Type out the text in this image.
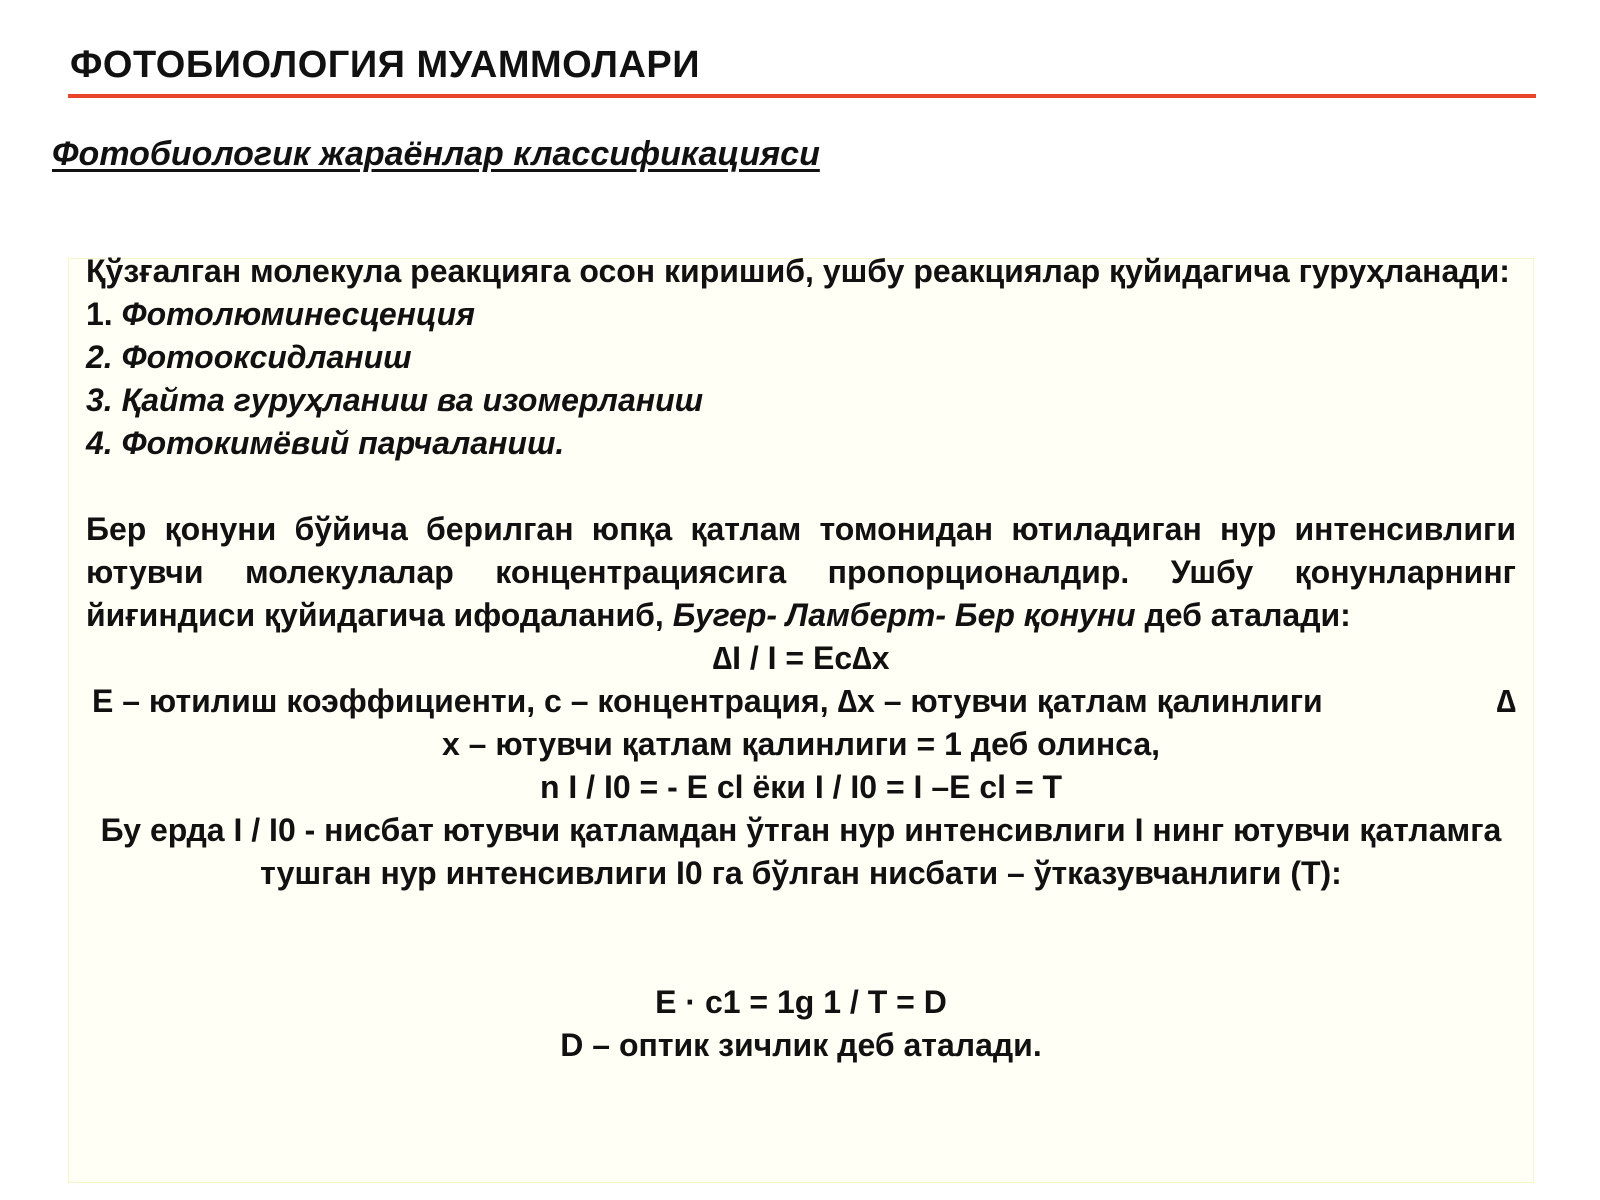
ФОТОБИОЛОГИЯ МУАММОЛАРИ
Фотобиологик жараёнлар классификацияси

Қўзғалган молекула реакцияга осон киришиб, ушбу реакциялар қуйидагича гуруҳланади:

1. Фотолюминесценция

2. Фотооксидланиш

3. Қайта гуруҳланиш ва изомерланиш

4. Фотокимёвий парчаланиш.

Бер қонуни бўйича берилган юпқа қатлам томонидан ютиладиган нур интенсивлиги ютувчи молекулалар концентрациясига пропорционалдир. Ушбу қонунларнинг йиғиндиси қуйидагича ифодаланиб, Бугер- Ламберт- Бер қонуни деб аталади:

∆I / I = Ec∆x

E – ютилиш коэффициенти, c – концентрация, ∆x – ютувчи қатлам қалинлиги	∆

x – ютувчи қатлам қалинлиги = 1 деб олинса,

n I / I0 = - E cl ёки I / I0 = I –E cl = T

Бу ерда I / I0 - нисбат ютувчи қатламдан ўтган нур интенсивлиги I нинг ютувчи қатламга тушган нур интенсивлиги I0 га бўлган нисбати – ўтказувчанлиги (T):

E · c1 = 1g 1 / T = D

D – оптик зичлик деб аталади.
